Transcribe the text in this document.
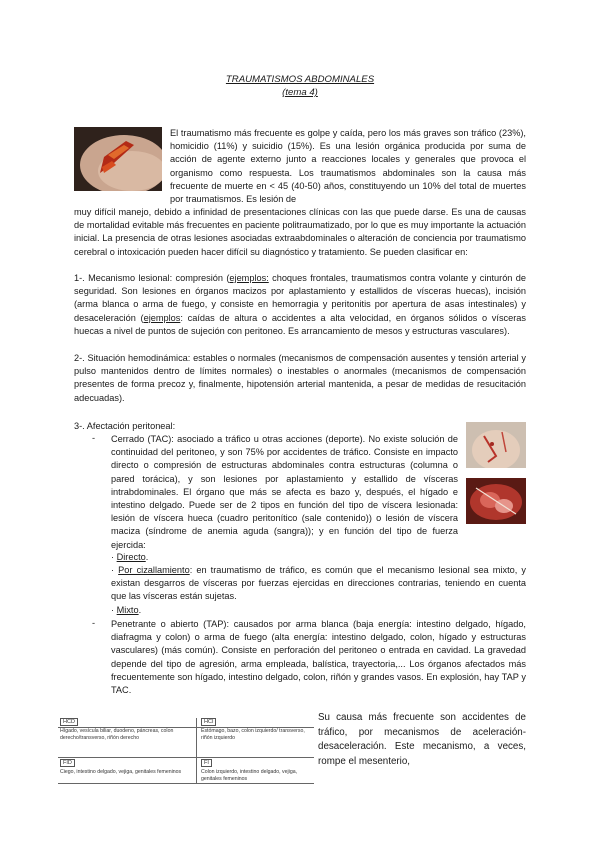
TRAUMATISMOS ABDOMINALES
(tema 4)

El traumatismo más frecuente es golpe y caída, pero los más graves son tráfico (23%), homicidio (11%) y suicidio (15%). Es una lesión orgánica producida por suma de acción de agente externo junto a reacciones locales y generales que provoca el organismo como respuesta. Los traumatismos abdominales son la causa más frecuente de muerte en < 45 (40-50) años, constituyendo un 10% del total de muertes por traumatismos. Es lesión de

muy difícil manejo, debido a infinidad de presentaciones clínicas con las que puede darse. Es una de causas de mortalidad evitable más frecuentes en paciente politraumatizado, por lo que es muy importante la actuación inicial. La presencia de otras lesiones asociadas extraabdominales o alteración de conciencia por traumatismo cerebral o intoxicación pueden hacer difícil su diagnóstico y tratamiento. Se pueden clasificar en:

1-. Mecanismo lesional: compresión (ejemplos: choques frontales, traumatismos contra volante y cinturón de seguridad. Son lesiones en órganos macizos por aplastamiento y estallidos de vísceras huecas), incisión (arma blanca o arma de fuego, y consiste en hemorragia y peritonitis por apertura de asas intestinales) y desaceleración (ejemplos: caídas de altura o accidentes a alta velocidad, en órganos sólidos o vísceras huecas a nivel de puntos de sujeción con peritoneo. Es arrancamiento de mesos y estructuras vasculares).

2-. Situación hemodinámica: estables o normales (mecanismos de compensación ausentes y tensión arterial y pulso mantenidos dentro de límites normales) o inestables o anormales (mecanismos de compensación presentes de forma precoz y, finalmente, hipotensión arterial mantenida, a pesar de medidas de resucitación adecuadas).

3-. Afectación peritoneal:

- Cerrado (TAC): asociado a tráfico u otras acciones (deporte). No existe solución de continuidad del peritoneo, y son 75% por accidentes de tráfico. Consiste en impacto directo o compresión de estructuras abdominales contra estructuras (columna o pared torácica), y son lesiones por aplastamiento y estallido de vísceras intrabdominales. El órgano que más se afecta es bazo y, después, el hígado e intestino delgado. Puede ser de 2 tipos en función del tipo de víscera lesionada: lesión de víscera hueca (cuadro peritonítico (sale contenido)) o lesión de víscera maciza (síndrome de anemia aguda (sangra)); y en función del tipo de fuerza ejercida:

· Directo.

· Por cizallamiento: en traumatismo de tráfico, es común que el mecanismo lesional sea mixto, y existan desgarros de vísceras por fuerzas ejercidas en direcciones contrarias, teniendo en cuenta que las vísceras están sujetas.

· Mixto.

- Penetrante o abierto (TAP): causados por arma blanca (baja energía: intestino delgado, hígado, diafragma y colon) o arma de fuego (alta energía: intestino delgado, colon, hígado y estructuras vasculares) (más común). Consiste en perforación del peritoneo o entrada en cavidad. La gravedad depende del tipo de agresión, arma empleada, balística, trayectoria,... Los órganos afectados más frecuentemente son hígado, intestino delgado, colon, riñón y grandes vasos. En explosión, hay TAP y TAC.

HCD
Hígado, vesícula biliar, duodeno, páncreas, colon derecho/transverso, riñón derecho
HCI
Estómago, bazo, colon izquierdo/ transverso, riñón izquierdo
FID
Ciego, intestino delgado, vejiga, genitales femeninos
FI
Colon izquierdo, intestino delgado, vejiga, genitales femeninos

Su causa más frecuente son accidentes de tráfico, por mecanismos de aceleración-desaceleración. Este mecanismo, a veces, rompe el mesenterio,
